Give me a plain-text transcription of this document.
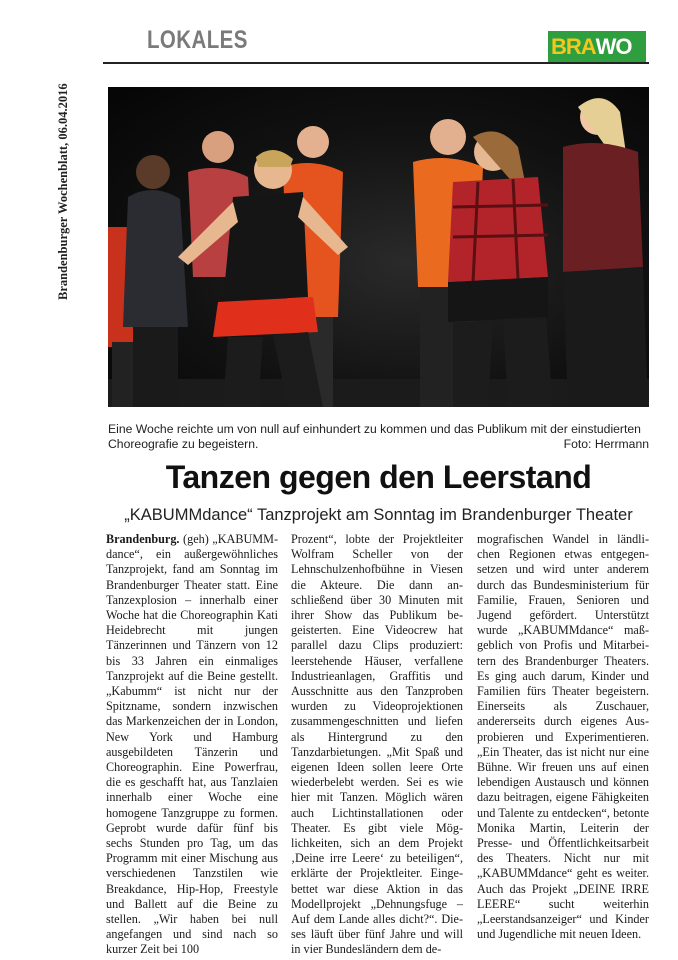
Brandenburger Wochenblatt, 06.04.2016
LOKALES	BRA WO
Eine Woche reichte um von null auf einhundert zu kommen und das Publikum mit der einstudierten Choreografie zu begeistern.	Foto: Herrmann
Tanzen gegen den Leerstand
„KABUMMdance“ Tanzprojekt am Sonntag im Brandenburger Theater

Brandenburg. (geh) „KABUMMdance“, ein außergewöhnliches Tanzprojekt, fand am Sonntag im Brandenburger Theater statt. Eine Tanzexplosion – innerhalb einer Woche hat die Choreographin Kati Heidebrecht mit jungen Tänzerinnen und Tänzern von 12 bis 33 Jahren ein einmaliges Tanzprojekt auf die Beine gestellt. „Kabumm“ ist nicht nur der Spitzname, sondern inzwischen das Markenzeichen der in London, New York und Hamburg ausgebildeten Tänzerin und Choreographin. Eine Powerfrau, die es geschafft hat, aus Tanzlaien innerhalb einer Woche eine homogene Tanzgruppe zu formen. Geprobt wurde dafür fünf bis sechs Stunden pro Tag, um das Programm mit einer Mischung aus verschiedenen Tanzstilen wie Breakdance, Hip-Hop, Freestyle und Ballett auf die Beine zu stellen. „Wir haben bei null angefangen und sind nach so kurzer Zeit bei 100

Prozent“, lobte der Projektleiter Wolfram Scheller von der Lehnschulzenhofbühne in Viesen die Akteure. Die dann anschließend über 30 Minuten mit ihrer Show das Publikum begeisterten. Eine Videocrew hat parallel dazu Clips produziert: leerstehende Häuser, verfallene Industrieanlagen, Graffitis und Ausschnitte aus den Tanzproben wurden zu Videoprojektionen zusammengeschnitten und liefen als Hintergrund zu den Tanzdarbietungen. „Mit Spaß und eigenen Ideen sollen leere Orte wiederbelebt werden. Sei es wie hier mit Tanzen. Möglich wären auch Lichtinstallationen oder Theater. Es gibt viele Möglichkeiten, sich an dem Projekt ‚Deine irre Leere‘ zu beteiligen“, erklärte der Projektleiter. Eingebettet war diese Aktion in das Modellprojekt „Dehnungsfuge – Auf dem Lande alles dicht?“. Dieses läuft über fünf Jahre und will in vier Bundesländern dem de-

mografischen Wandel in ländlichen Regionen etwas entgegensetzen und wird unter anderem durch das Bundesministerium für Familie, Frauen, Senioren und Jugend gefördert. Unterstützt wurde „KABUMMdance“ maßgeblich von Profis und Mitarbeitern des Brandenburger Theaters. Es ging auch darum, Kinder und Familien fürs Theater begeistern. Einerseits als Zuschauer, andererseits durch eigenes Ausprobieren und Experimentieren. „Ein Theater, das ist nicht nur eine Bühne. Wir freuen uns auf einen lebendigen Austausch und können dazu beitragen, eigene Fähigkeiten und Talente zu entdecken“, betonte Monika Martin, Leiterin der Presse- und Öffentlichkeitsarbeit des Theaters. Nicht nur mit „KABUMMdance“ geht es weiter. Auch das Projekt „DEINE IRRE LEERE“ sucht weiterhin „Leerstandsanzeiger“ und Kinder und Jugendliche mit neuen Ideen.
